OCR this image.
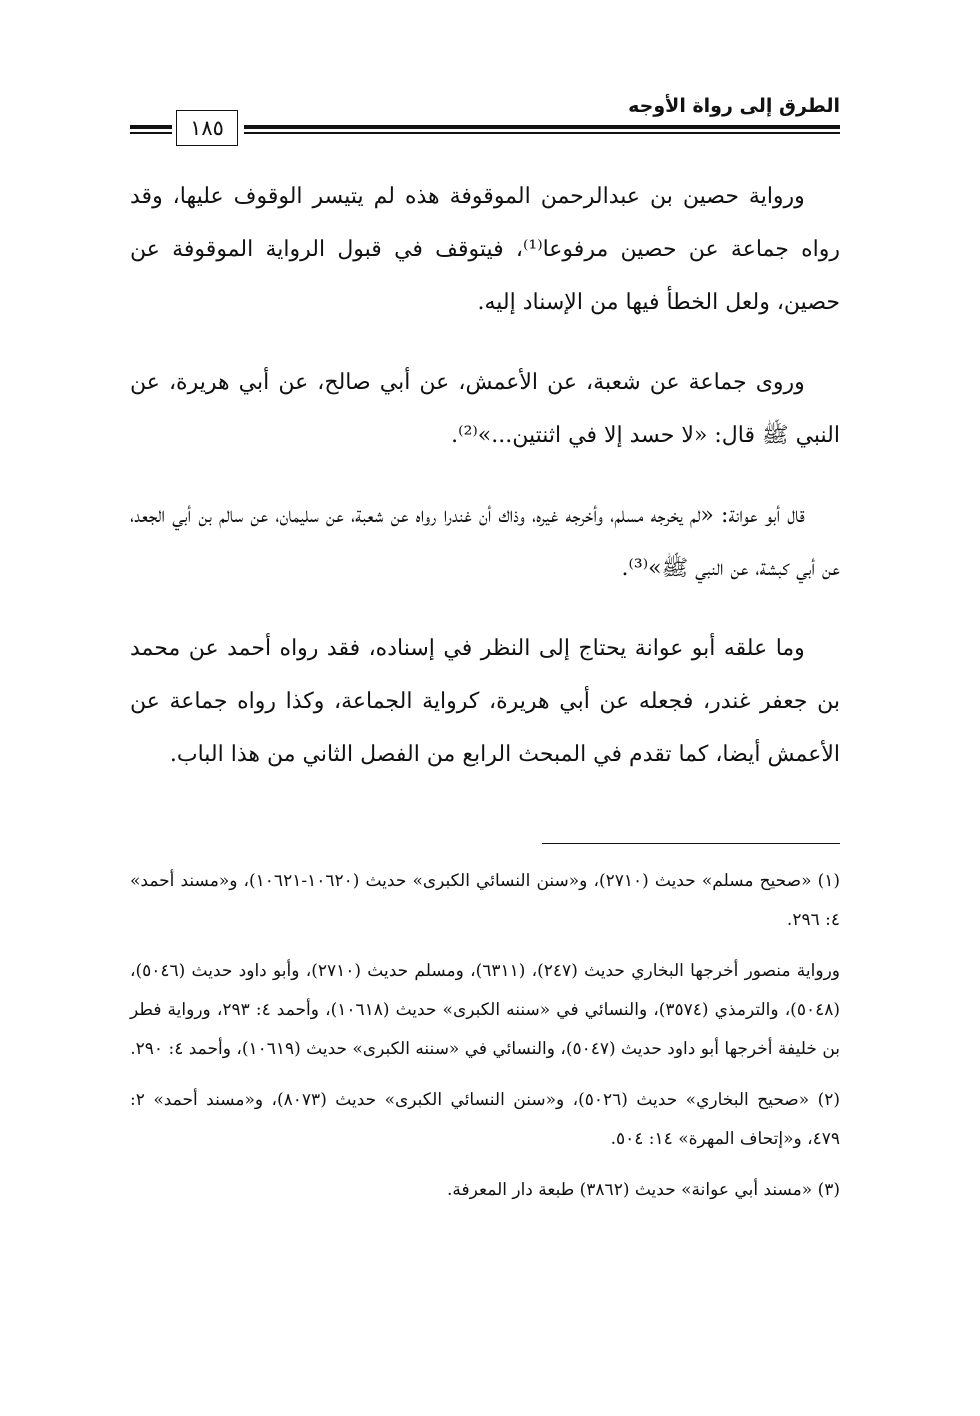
الطرق إلى رواة الأوجه
١٨٥

ورواية حصين بن عبدالرحمن الموقوفة هذه لم يتيسر الوقوف عليها، وقد رواه جماعة عن حصين مرفوعا⁽¹⁾، فيتوقف في قبول الرواية الموقوفة عن حصين، ولعل الخطأ فيها من الإسناد إليه.

وروى جماعة عن شعبة، عن الأعمش، عن أبي صالح، عن أبي هريرة، عن النبي ﷺ قال: «لا حسد إلا في اثنتين...»⁽²⁾.

قال أبو عوانة: «لم يخرجه مسلم، وأخرجه غيره، وذاك أن غندرا رواه عن شعبة، عن سليمان، عن سالم بن أبي الجعد، عن أبي كبشة، عن النبي ﷺ»⁽³⁾.

وما علقه أبو عوانة يحتاج إلى النظر في إسناده، فقد رواه أحمد عن محمد بن جعفر غندر، فجعله عن أبي هريرة، كرواية الجماعة، وكذا رواه جماعة عن الأعمش أيضا، كما تقدم في المبحث الرابع من الفصل الثاني من هذا الباب.

(١) «صحيح مسلم» حديث (٢٧١٠)، و«سنن النسائي الكبرى» حديث (١٠٦٢٠-١٠٦٢١)، و«مسند أحمد» ٤: ٢٩٦.

ورواية منصور أخرجها البخاري حديث (٢٤٧)، (٦٣١١)، ومسلم حديث (٢٧١٠)، وأبو داود حديث (٥٠٤٦)، (٥٠٤٨)، والترمذي (٣٥٧٤)، والنسائي في «سننه الكبرى» حديث (١٠٦١٨)، وأحمد ٤: ٢٩٣، ورواية فطر بن خليفة أخرجها أبو داود حديث (٥٠٤٧)، والنسائي في «سننه الكبرى» حديث (١٠٦١٩)، وأحمد ٤: ٢٩٠.

(٢) «صحيح البخاري» حديث (٥٠٢٦)، و«سنن النسائي الكبرى» حديث (٨٠٧٣)، و«مسند أحمد» ٢: ٤٧٩، و«إتحاف المهرة» ١٤: ٥٠٤.

(٣) «مسند أبي عوانة» حديث (٣٨٦٢) طبعة دار المعرفة.
